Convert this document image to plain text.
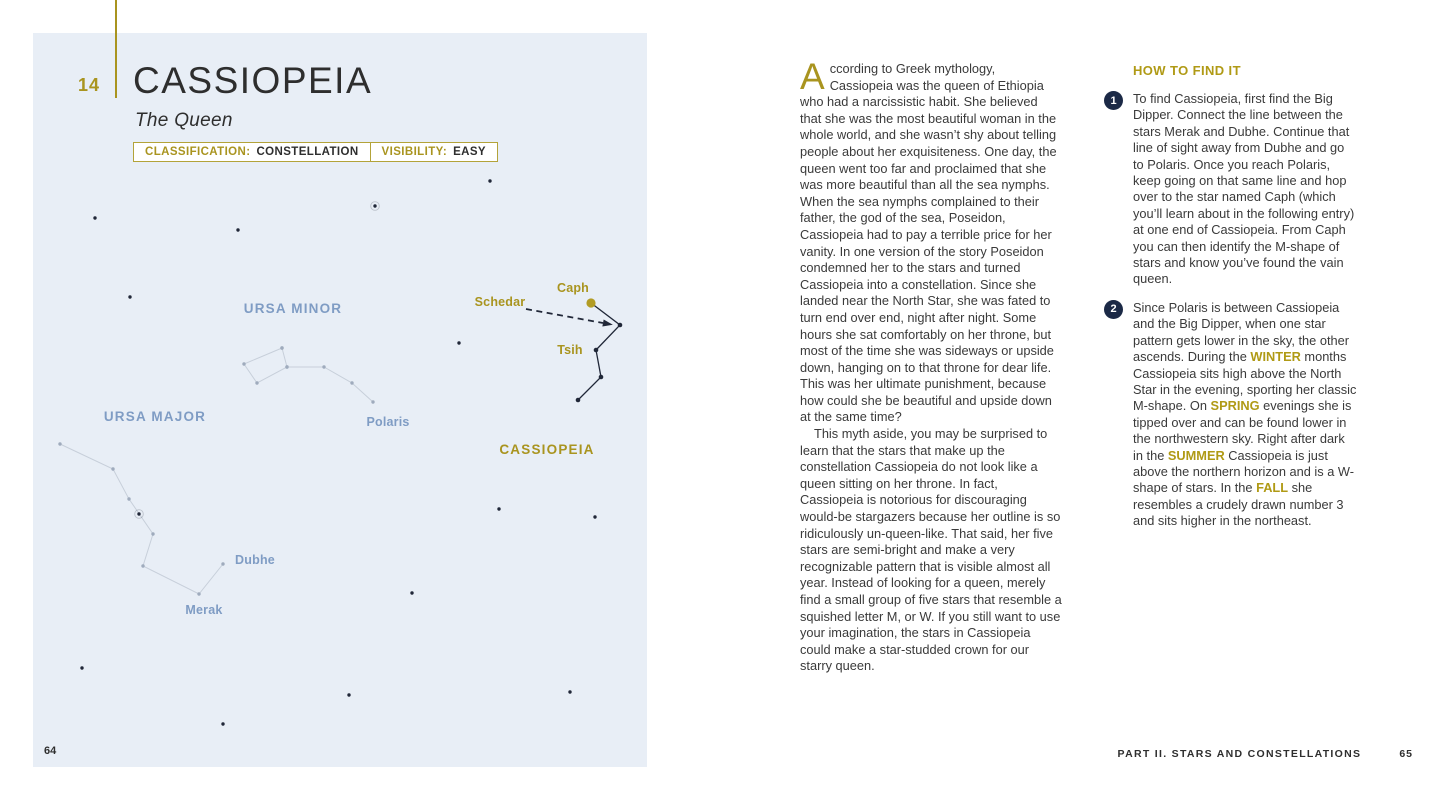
URSA MINOR
URSA MAJOR	Polaris
Dubhe
Merak
Caph
Schedar
Tsih
CASSIOPEIA
64
14 CASSIOPEIA
The Queen
CLASSIFICATION: CONSTELLATION VISIBILITY: EASY

According to Greek mythology, Cassiopeia was the queen of Ethiopia who had a narcissistic habit. She believed that she was the most beautiful woman in the whole world, and she wasn’t shy about telling people about her exquisiteness. One day, the queen went too far and proclaimed that she was more beautiful than all the sea nymphs. When the sea nymphs complained to their father, the god of the sea, Poseidon, Cassiopeia had to pay a terrible price for her vanity. In one version of the story Poseidon condemned her to the stars and turned Cassiopeia into a constellation. Since she landed near the North Star, she was fated to turn end over end, night after night. Some hours she sat comfortably on her throne, but most of the time she was sideways or upside down, hanging on to that throne for dear life. This was her ultimate punishment, because how could she be beautiful and upside down at the same time?

This myth aside, you may be surprised to learn that the stars that make up the constellation Cassiopeia do not look like a queen sitting on her throne. In fact, Cassiopeia is notorious for discouraging would-be stargazers because her outline is so ridiculously un-queen-like. That said, her five stars are semi-bright and make a very recognizable pattern that is visible almost all year. Instead of looking for a queen, merely find a small group of five stars that resemble a squished letter M, or W. If you still want to use your imagination, the stars in Cassiopeia could make a star-studded crown for our starry queen.

HOW TO FIND IT
1	To find Cassiopeia, first find the Big Dipper. Connect the line between the stars Merak and Dubhe. Continue that line of sight away from Dubhe and go to Polaris. Once you reach Polaris, keep going on that same line and hop over to the star named Caph (which you’ll learn about in the following entry) at one end of Cassiopeia. From Caph you can then identify the M-shape of stars and know you’ve found the vain queen.

2	Since Polaris is between Cassiopeia and the Big Dipper, when one star pattern gets lower in the sky, the other ascends. During the WINTER months Cassiopeia sits high above the North Star in the evening, sporting her classic M-shape. On SPRING evenings she is tipped over and can be found lower in the northwestern sky. Right after dark in the SUMMER Cassiopeia is just above the northern horizon and is a W-shape of stars. In the FALL she resembles a crudely drawn number 3 and sits higher in the northeast.

PART II. STARS AND CONSTELLATIONS	65
